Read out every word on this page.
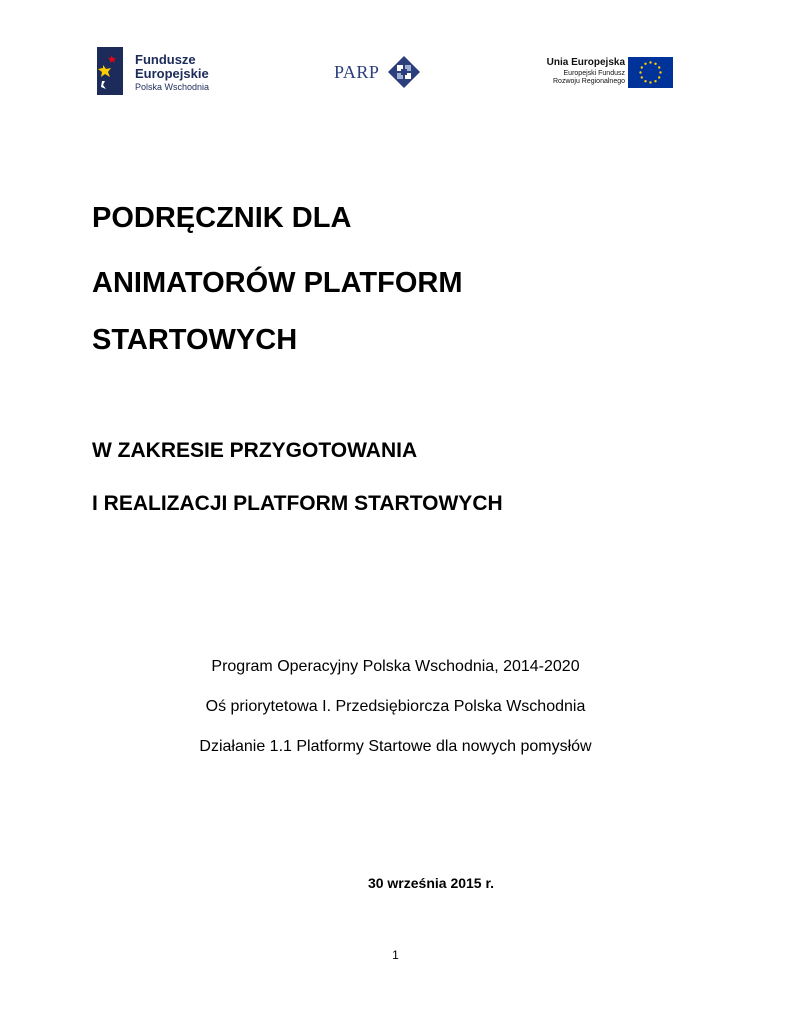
Fundusze
Europejskie
Polska Wschodnia
PARP	Unia Europejska
Europejski Fundusz
Rozwoju Regionalnego
PODRĘCZNIK DLA
ANIMATORÓW PLATFORM
STARTOWYCH
W ZAKRESIE PRZYGOTOWANIA
I REALIZACJI PLATFORM STARTOWYCH
Program Operacyjny Polska Wschodnia, 2014-2020
Oś priorytetowa I. Przedsiębiorcza Polska Wschodnia
Działanie 1.1 Platformy Startowe dla nowych pomysłów
30 września 2015 r.
1
